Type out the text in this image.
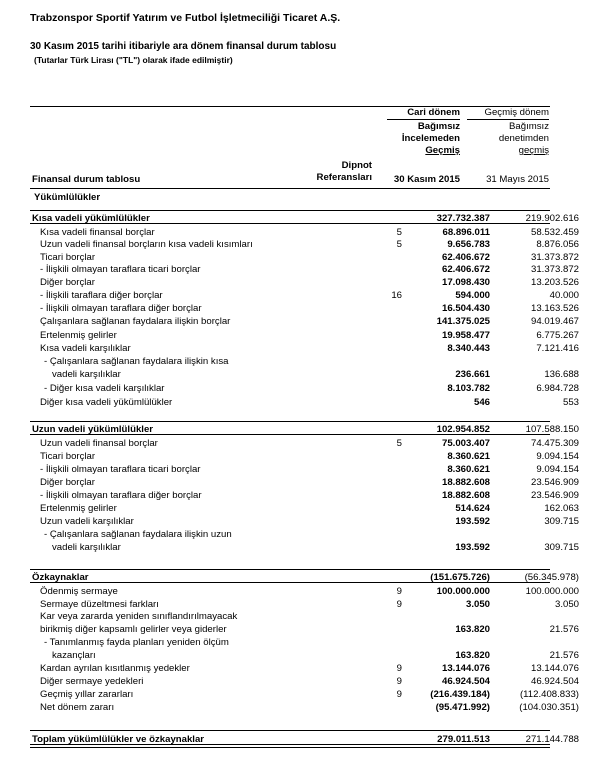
Trabzonspor Sportif Yatırım ve Futbol İşletmeciliği Ticaret A.Ş.
30 Kasım 2015 tarihi itibariyle ara dönem finansal durum tablosu
(Tutarlar Türk Lirası ("TL") olarak ifade edilmiştir)
Cari dönem	Geçmiş dönem
Bağımsız
İncelemeden
Geçmiş
Bağımsız
denetimden
geçmiş
Dipnot
Referansları
Finansal durum tablosu	30 Kasım 2015	31 Mayıs 2015
Yükümlülükler
Kısa vadeli yükümlülükler	327.732.387	219.902.616
Kısa vadeli finansal borçlar	5	68.896.011	58.532.459
Uzun vadeli finansal borçların kısa vadeli kısımları	5	9.656.783	8.876.056
Ticari borçlar	62.406.672	31.373.872
- İlişkili olmayan taraflara ticari borçlar	62.406.672	31.373.872
Diğer borçlar	17.098.430	13.203.526
- İlişkili taraflara diğer borçlar	16	594.000	40.000
- İlişkili olmayan taraflara diğer borçlar	16.504.430	13.163.526
Çalışanlara sağlanan faydalara ilişkin borçlar	141.375.025	94.019.467
Ertelenmiş gelirler	19.958.477	6.775.267
Kısa vadeli karşılıklar	8.340.443	7.121.416
- Çalışanlara sağlanan faydalara ilişkin kısa
vadeli karşılıklar	236.661	136.688
- Diğer kısa vadeli karşılıklar	8.103.782	6.984.728
Diğer kısa vadeli yükümlülükler	546	553
Uzun vadeli yükümlülükler	102.954.852	107.588.150
Uzun vadeli finansal borçlar	5	75.003.407	74.475.309
Ticari borçlar	8.360.621	9.094.154
- İlişkili olmayan taraflara ticari borçlar	8.360.621	9.094.154
Diğer borçlar	18.882.608	23.546.909
- İlişkili olmayan taraflara diğer borçlar	18.882.608	23.546.909
Ertelenmiş gelirler	514.624	162.063
Uzun vadeli karşılıklar	193.592	309.715
- Çalışanlara sağlanan faydalara ilişkin uzun
vadeli karşılıklar	193.592	309.715
Özkaynaklar	(151.675.726)	(56.345.978)
Ödenmiş sermaye	9	100.000.000	100.000.000
Sermaye düzeltmesi farkları	9	3.050	3.050
Kar veya zararda yeniden sınıflandırılmayacak
birikmiş diğer kapsamlı gelirler veya giderler	163.820	21.576
- Tanımlanmış fayda planları yeniden ölçüm
kazançları	163.820	21.576
Kardan ayrılan kısıtlanmış yedekler	9	13.144.076	13.144.076
Diğer sermaye yedekleri	9	46.924.504	46.924.504
Geçmiş yıllar zararları	9	(216.439.184)	(112.408.833)
Net dönem zararı	(95.471.992)	(104.030.351)
Toplam yükümlülükler ve özkaynaklar	279.011.513	271.144.788
